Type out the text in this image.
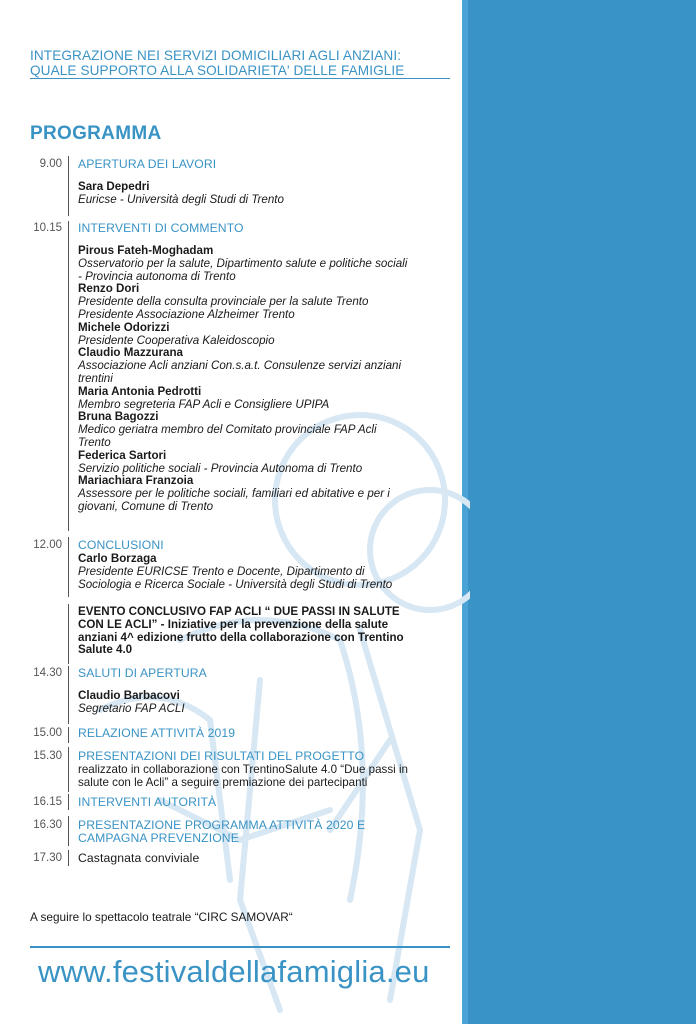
INTEGRAZIONE NEI SERVIZI DOMICILIARI AGLI ANZIANI:
QUALE SUPPORTO ALLA SOLIDARIETA' DELLE FAMIGLIE
PROGRAMMA
9.00 APERTURA DEI LAVORI
Sara Depedri
Euricse - Università degli Studi di Trento
10.15 INTERVENTI DI COMMENTO
Pirous Fateh-Moghadam
Osservatorio per la salute, Dipartimento salute e politiche sociali
- Provincia autonoma di Trento
Renzo Dori
Presidente della consulta provinciale per la salute Trento
Presidente Associazione Alzheimer Trento
Michele Odorizzi
Presidente Cooperativa Kaleidoscopio
Claudio Mazzurana
Associazione Acli anziani Con.s.a.t. Consulenze servizi anziani
trentini
Maria Antonia Pedrotti
Membro segreteria FAP Acli e Consigliere UPIPA
Bruna Bagozzi
Medico geriatra membro del Comitato provinciale FAP Acli
Trento
Federica Sartori
Servizio politiche sociali - Provincia Autonoma di Trento
Mariachiara Franzoia
Assessore per le politiche sociali, familiari ed abitative e per i
giovani, Comune di Trento
12.00 CONCLUSIONI
Carlo Borzaga
Presidente EURICSE Trento e Docente, Dipartimento di
Sociologia e Ricerca Sociale - Università degli Studi di Trento
EVENTO CONCLUSIVO FAP ACLI “ DUE PASSI IN SALUTE
CON LE ACLI” - Iniziative per la prevenzione della salute
anziani 4^ edizione frutto della collaborazione con Trentino
Salute 4.0
14.30 SALUTI DI APERTURA
Claudio Barbacovi
Segretario FAP ACLI
15.00 RELAZIONE ATTIVITÀ 2019
15.30 PRESENTAZIONI DEI RISULTATI DEL PROGETTO
realizzato in collaborazione con TrentinoSalute 4.0 “Due passi in
salute con le Acli” a seguire premiazione dei partecipanti
16.15 INTERVENTI AUTORITÀ
16.30 PRESENTAZIONE PROGRAMMA ATTIVITÀ 2020 E
CAMPAGNA PREVENZIONE
17.30 Castagnata conviviale
A seguire lo spettacolo teatrale “CIRC SAMOVAR“
www.festivaldellafamiglia.eu
